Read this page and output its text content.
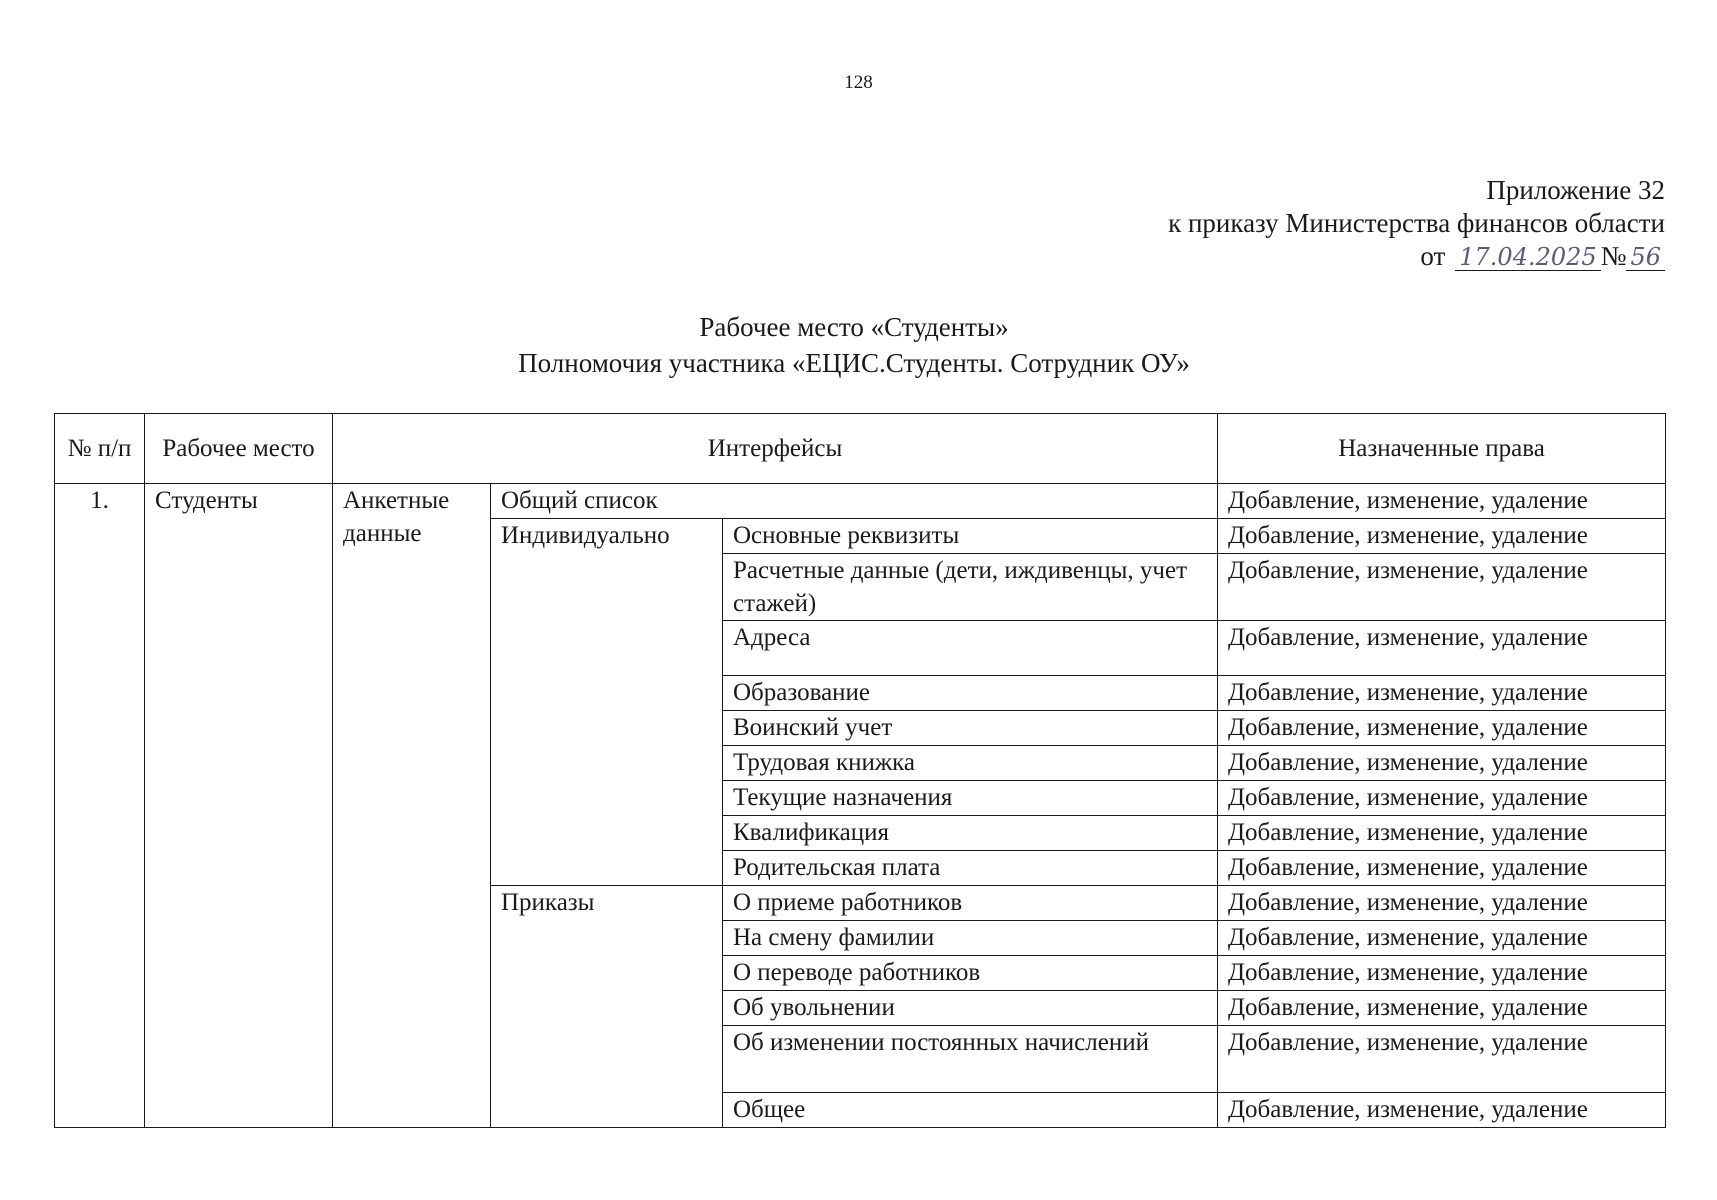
128
Приложение 32
к приказу Министерства финансов области
от 17.04.2025 № 56
Рабочее место «Студенты»
Полномочия участника «ЕЦИС.Студенты. Сотрудник ОУ»
№ п/п	Рабочее место	Интерфейсы			Назначенные права
1.	Студенты	Анкетные данные	Общий список		Добавление, изменение, удаление
			Индивидуально	Основные реквизиты	Добавление, изменение, удаление
				Расчетные данные (дети, иждивенцы, учет стажей)	Добавление, изменение, удаление
				Адреса	Добавление, изменение, удаление
				Образование	Добавление, изменение, удаление
				Воинский учет	Добавление, изменение, удаление
				Трудовая книжка	Добавление, изменение, удаление
				Текущие назначения	Добавление, изменение, удаление
				Квалификация	Добавление, изменение, удаление
				Родительская плата	Добавление, изменение, удаление
			Приказы	О приеме работников	Добавление, изменение, удаление
				На смену фамилии	Добавление, изменение, удаление
				О переводе работников	Добавление, изменение, удаление
				Об увольнении	Добавление, изменение, удаление
				Об изменении постоянных начислений	Добавление, изменение, удаление
				Общее	Добавление, изменение, удаление
